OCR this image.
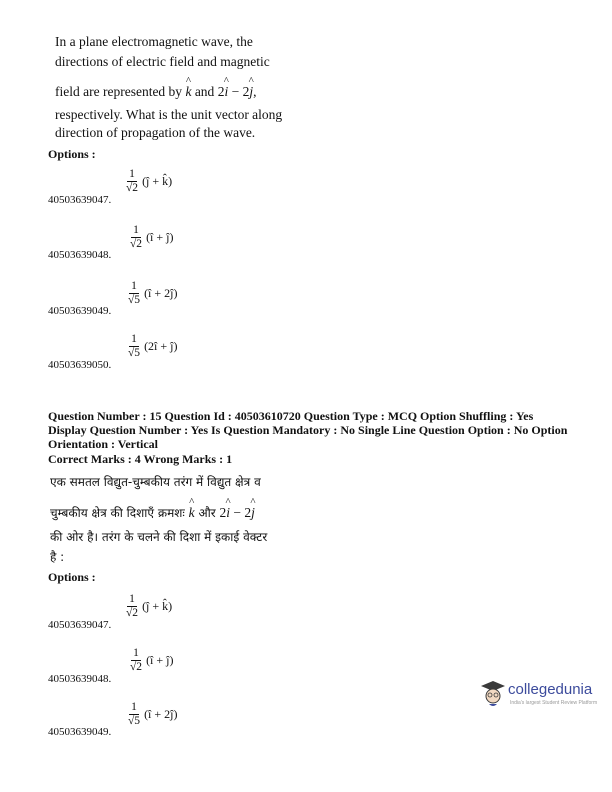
In a plane electromagnetic wave, the
directions of electric field and magnetic
field are represented by ^ k and 2^ i − 2^ j,
respectively. What is the unit vector along
direction of propagation of the wave.
Options :
40503639047.
$\frac{1}{√2}$ (ĵ + k̂)
40503639048.
$\frac{1}{√2}$ (î + ĵ)
40503639049.
$\frac{1}{√5}$ (î + 2ĵ)
40503639050.
$\frac{1}{√5}$ (2î + ĵ)
Question Number : 15 Question Id : 40503610720 Question Type : MCQ Option Shuffling : Yes
Display Question Number : Yes Is Question Mandatory : No Single Line Question Option : No Option
Orientation : Vertical
Correct Marks : 4 Wrong Marks : 1
एक समतल विद्युत-चुम्बकीय तरंग में विद्युत क्षेत्र व
चुम्बकीय क्षेत्र की दिशाएँ क्रमशः ^ k और 2^ i − 2^ j
की ओर है। तरंग के चलने की दिशा में इकाई वेक्टर
है :
Options :
40503639047.
$\frac{1}{√2}$ (ĵ + k̂)
40503639048.
$\frac{1}{√2}$ (î + ĵ)
40503639049.
$\frac{1}{√5}$ (î + 2ĵ)
collegedunia
India's largest Student Review Platform
